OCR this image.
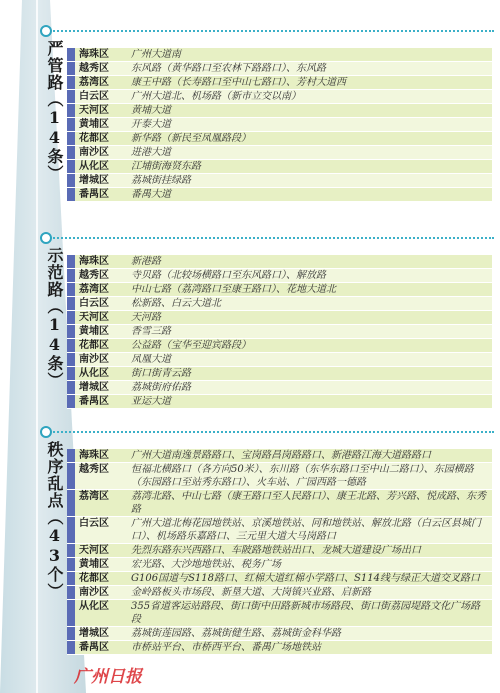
严管路（14条）	海珠区	广州大道南
越秀区	东风路（黄华路口至农林下路路口）、东风路
荔湾区	康王中路（长寿路口至中山七路口）、芳村大道西
白云区	广州大道北、机场路（新市立交以南）
天河区	黄埔大道
黄埔区	开泰大道
花都区	新华路（新民至凤凰路段）
南沙区	进港大道
从化区	江埔街海贤东路
增城区	荔城街挂绿路
番禺区	番禺大道
示范路（14条）	海珠区	新港路
越秀区	寺贝路（北较场横路口至东风路口）、解放路
荔湾区	中山七路（荔湾路口至康王路口）、花地大道北
白云区	松新路、白云大道北
天河区	天河路
黄埔区	香雪三路
花都区	公益路（宝华至迎宾路段）
南沙区	凤凰大道
从化区	街口街青云路
增城区	荔城街府佑路
番禺区	亚运大道
秩序乱点（43个）	海珠区	广州大道南逸景路路口、宝岗路昌岗路路口、新港路江海大道路路口
越秀区	恒福北横路口（各方向50米）、东川路（东华东路口至中山二路口）、东园横路（东园路口至站秀东路口）、火车站、广园西路一德路
荔湾区	荔湾北路、中山七路（康王路口至人民路口）、康王北路、芳兴路、悦成路、东秀路
白云区	广州大道北梅花园地铁站、京溪地铁站、同和地铁站、解放北路（白云区县城门口）、机场路乐嘉路口、三元里大道大马岗路口
天河区	先烈东路东兴西路口、车陂路地铁站出口、龙城大道建设广场出口
黄埔区	宏光路、大沙地地铁站、税务广场
花都区	G106国道与S118路口、红棉大道红棉小学路口、S114线与绿正大道交叉路口
南沙区	金岭路板头市场段、新垦大道、大岗镇兴业路、启新路
从化区	355省道客运站路段、街口街中田路新城市场路段、街口街荔园堤路文化广场路段
增城区	荔城街莲园路、荔城街健生路、荔城街金科华路
番禺区	市桥站平台、市桥西平台、番禺广场地铁站
广州日报
